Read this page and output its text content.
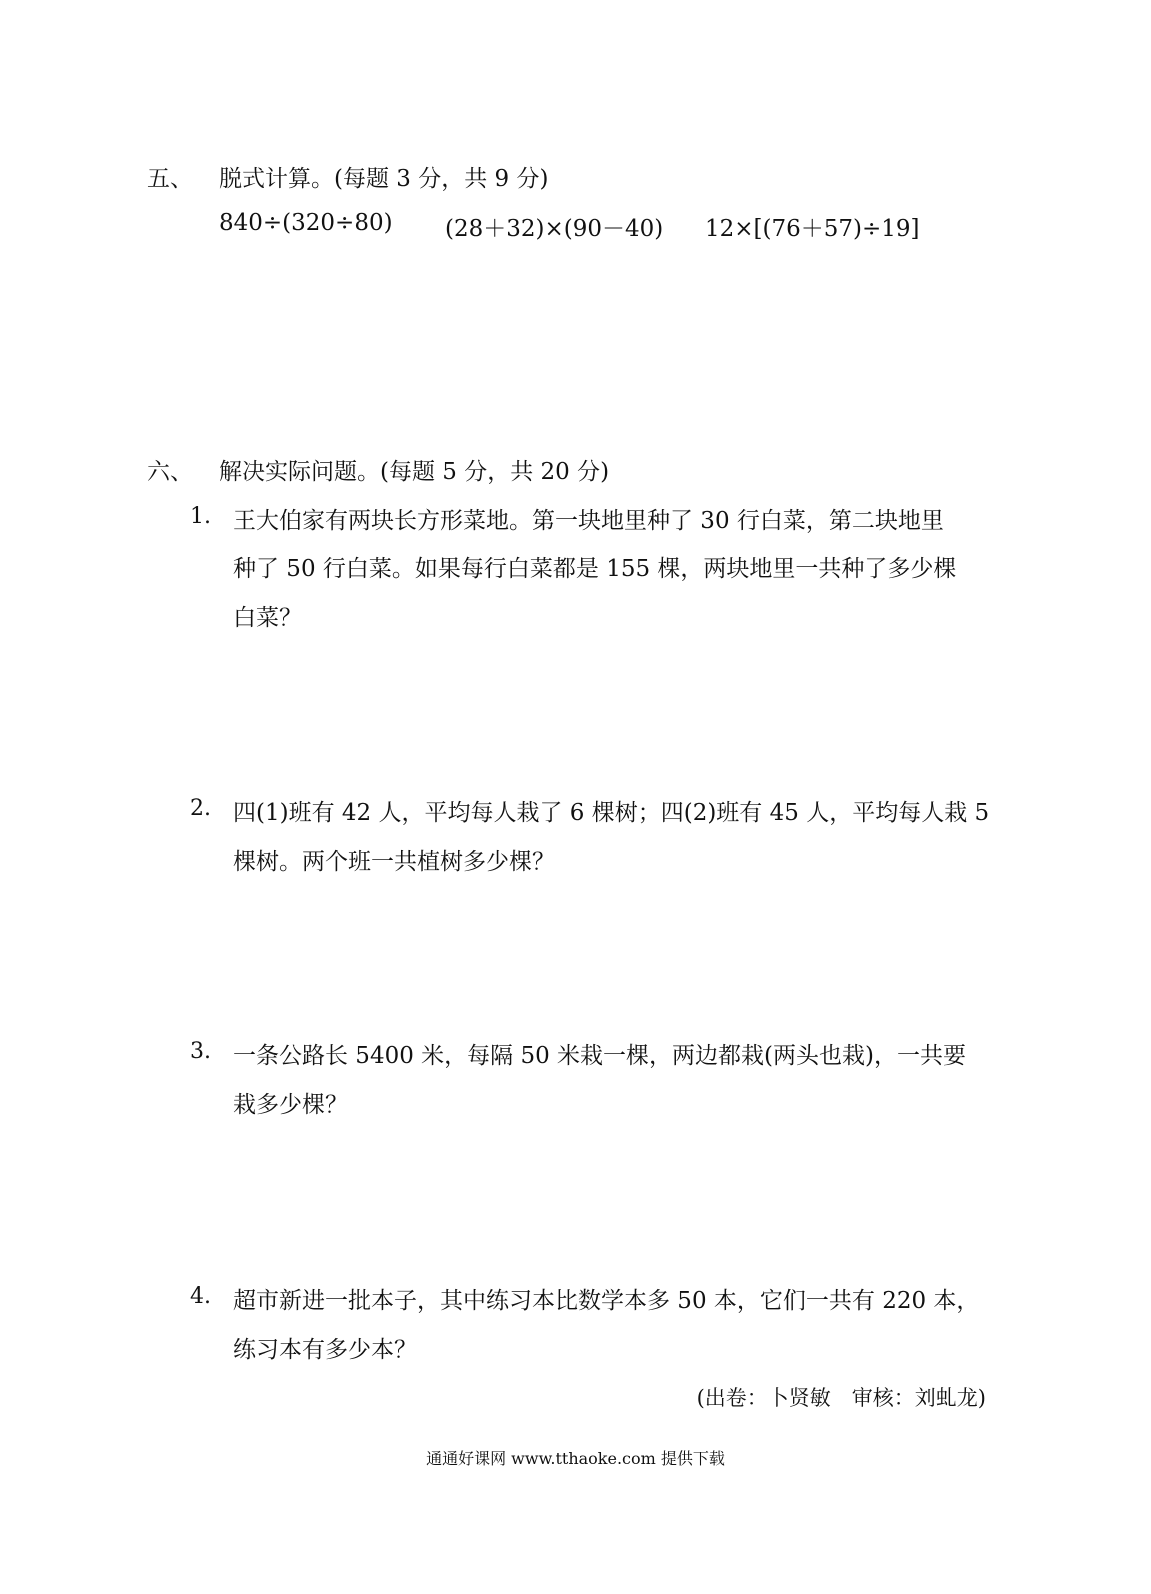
五、 脱式计算。(每题 3 分，共 9 分)
840÷(320÷80) (28＋32)×(90－40) 12×[(76＋57)÷19]
六、 解决实际问题。(每题 5 分，共 20 分)
1. 王大伯家有两块长方形菜地。第一块地里种了 30 行白菜，第二块地里
种了 50 行白菜。如果每行白菜都是 155 棵，两块地里一共种了多少棵
白菜？
2. 四(1)班有 42 人，平均每人栽了 6 棵树；四(2)班有 45 人，平均每人栽 5
棵树。两个班一共植树多少棵？
3. 一条公路长 5400 米，每隔 50 米栽一棵，两边都栽(两头也栽)，一共要
栽多少棵？
4. 超市新进一批本子，其中练习本比数学本多 50 本，它们一共有 220 本，
练习本有多少本？
(出卷：卜贤敏　审核：刘虬龙)
通通好课网 www.tthaoke.com 提供下载
